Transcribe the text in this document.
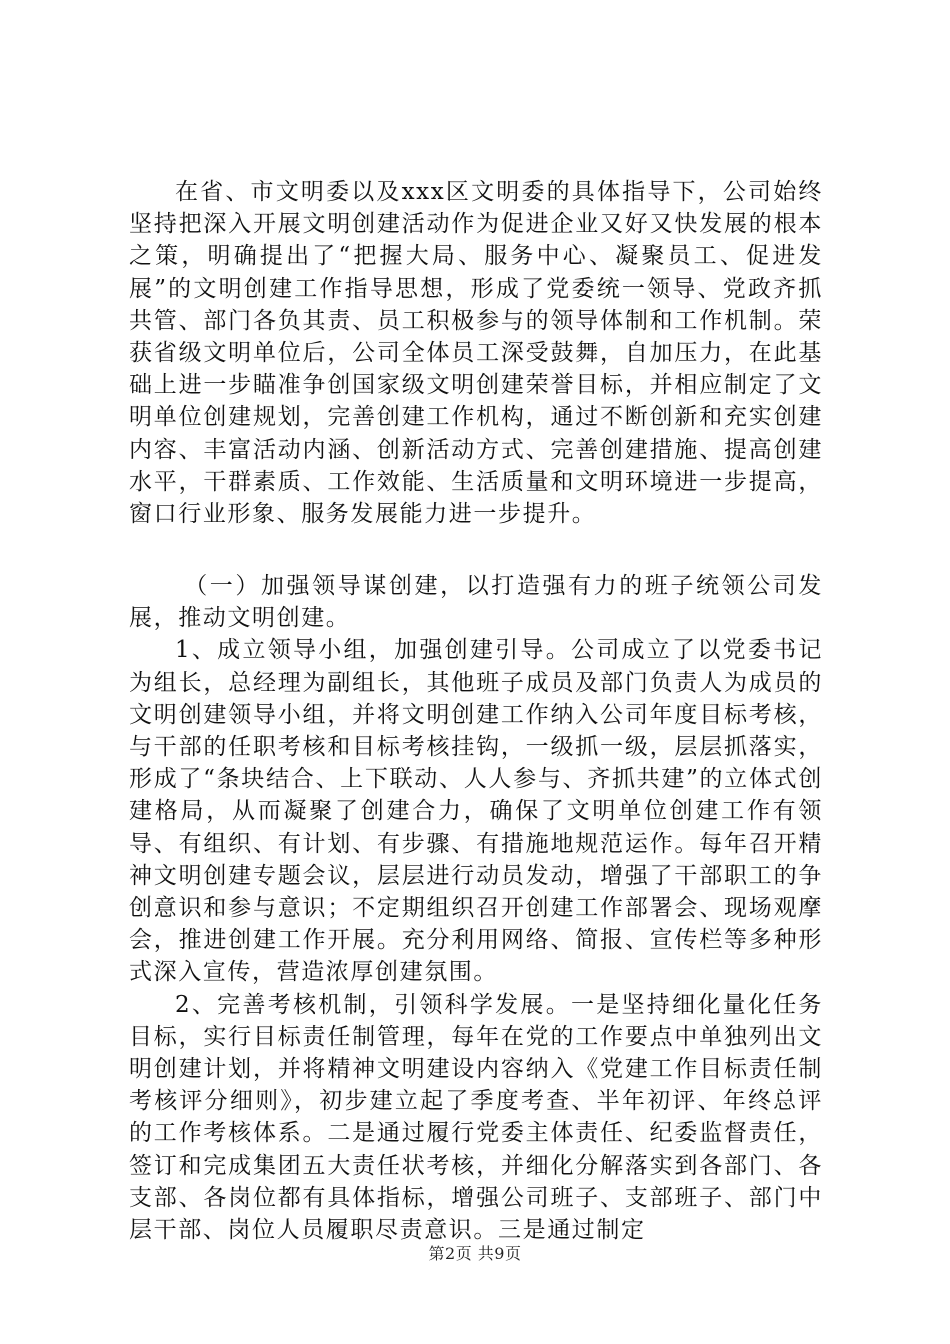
在省、市文明委以及xxx区文明委的具体指导下，公司始终坚持把深入开展文明创建活动作为促进企业又好又快发展的根本之策，明确提出了“把握大局、服务中心、凝聚员工、促进发展”的文明创建工作指导思想，形成了党委统一领导、党政齐抓共管、部门各负其责、员工积极参与的领导体制和工作机制。荣获省级文明单位后，公司全体员工深受鼓舞，自加压力，在此基础上进一步瞄准争创国家级文明创建荣誉目标，并相应制定了文明单位创建规划，完善创建工作机构，通过不断创新和充实创建内容、丰富活动内涵、创新活动方式、完善创建措施、提高创建水平，干群素质、工作效能、生活质量和文明环境进一步提高，窗口行业形象、服务发展能力进一步提升。

（一）加强领导谋创建，以打造强有力的班子统领公司发展，推动文明创建。

1、成立领导小组，加强创建引导。公司成立了以党委书记为组长，总经理为副组长，其他班子成员及部门负责人为成员的文明创建领导小组，并将文明创建工作纳入公司年度目标考核，与干部的任职考核和目标考核挂钩，一级抓一级，层层抓落实，形成了“条块结合、上下联动、人人参与、齐抓共建”的立体式创建格局，从而凝聚了创建合力，确保了文明单位创建工作有领导、有组织、有计划、有步骤、有措施地规范运作。每年召开精神文明创建专题会议，层层进行动员发动，增强了干部职工的争创意识和参与意识；不定期组织召开创建工作部署会、现场观摩会，推进创建工作开展。充分利用网络、简报、宣传栏等多种形式深入宣传，营造浓厚创建氛围。

2、完善考核机制，引领科学发展。一是坚持细化量化任务目标，实行目标责任制管理，每年在党的工作要点中单独列出文明创建计划，并将精神文明建设内容纳入《党建工作目标责任制考核评分细则》，初步建立起了季度考查、半年初评、年终总评的工作考核体系。二是通过履行党委主体责任、纪委监督责任，签订和完成集团五大责任状考核，并细化分解落实到各部门、各支部、各岗位都有具体指标，增强公司班子、支部班子、部门中层干部、岗位人员履职尽责意识。三是通过制定

第2页 共9页
